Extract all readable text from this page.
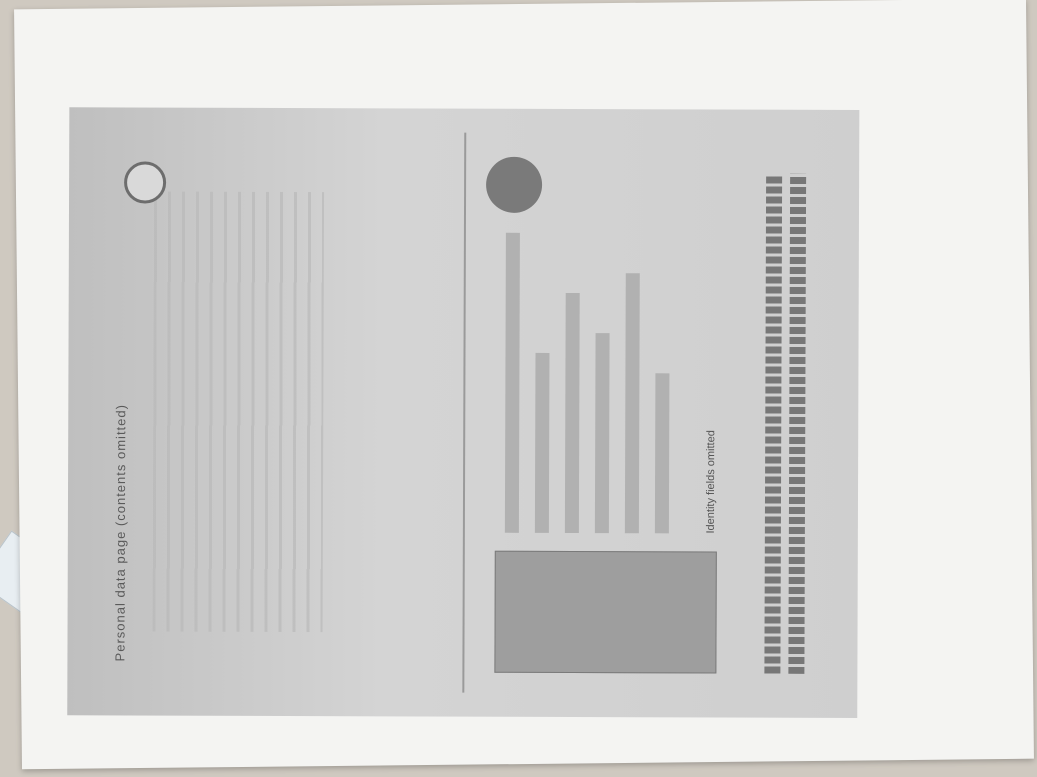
Personal data page (contents omitted)	Identity fields omitted
